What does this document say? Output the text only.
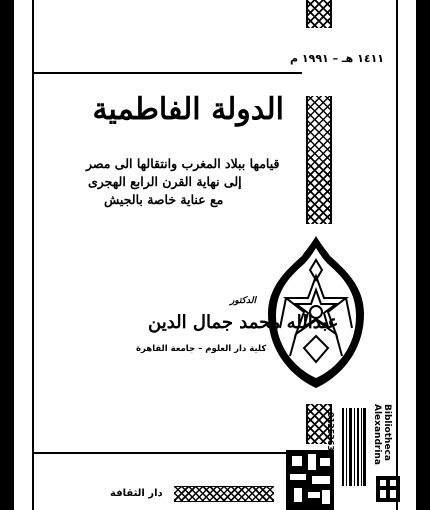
١٤١١ هـ – ١٩٩١ م
الدولة الفاطمية
قيامها ببلاد المغرب وانتقالها الى مصر
إلى نهاية القرن الرابع الهجرى
مع عناية خاصة بالجيش
الدكتور
عبدالله محمد جمال الدين
كلية دار العلوم – جامعة القاهرة
دار الثقافة
0125363	Bibliotheca Alexandrina
